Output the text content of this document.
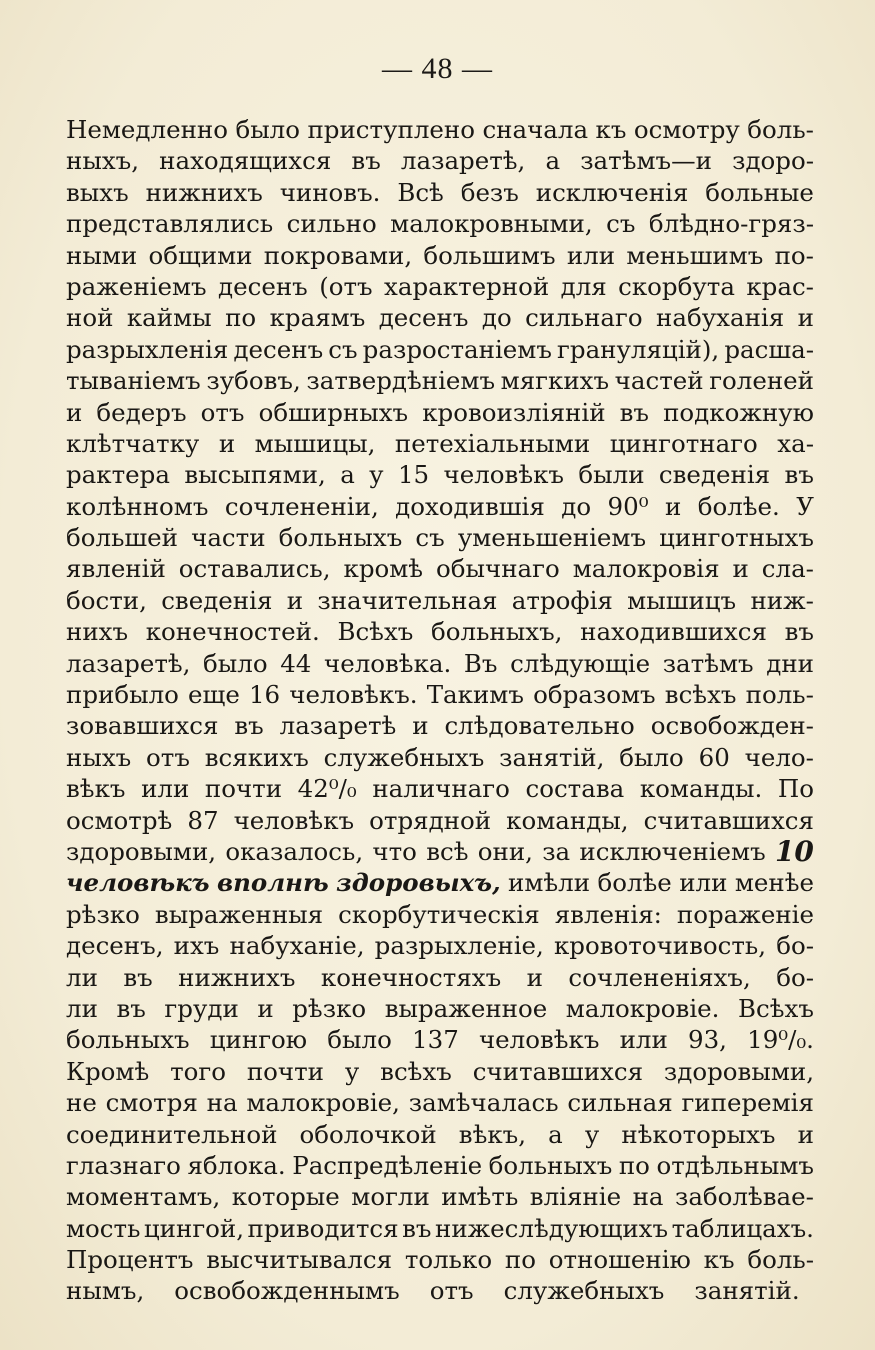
— 48 —
Немедленно было приступлено сначала къ осмотру боль-
ныхъ, находящихся въ лазаретѣ, а затѣмъ—и здоро-
выхъ нижнихъ чиновъ. Всѣ безъ исключенія больные
представлялись сильно малокровными, съ блѣдно-гряз-
ными общими покровами, большимъ или меньшимъ по-
раженіемъ десенъ (отъ характерной для скорбута крас-
ной каймы по краямъ десенъ до сильнаго набуханія и
разрыхленія десенъ съ разростаніемъ грануляцій), расша-
тываніемъ зубовъ, затвердѣніемъ мягкихъ частей голеней
и бедеръ отъ обширныхъ кровоизліяній въ подкожную
клѣтчатку и мышицы, петехіальными цинготнаго ха-
рактера высыпями, а у 15 человѣкъ были сведенія въ
колѣнномъ сочлененіи, доходившія до 90⁰ и болѣе. У
большей части больныхъ съ уменьшеніемъ цинготныхъ
явленій оставались, кромѣ обычнаго малокровія и сла-
бости, сведенія и значительная атрофія мышицъ ниж-
нихъ конечностей. Всѣхъ больныхъ, находившихся въ
лазаретѣ, было 44 человѣка. Въ слѣдующіе затѣмъ дни
прибыло еще 16 человѣкъ. Такимъ образомъ всѣхъ поль-
зовавшихся въ лазаретѣ и слѣдовательно освобожден-
ныхъ отъ всякихъ служебныхъ занятій, было 60 чело-
вѣкъ или почти 42⁰/₀ наличнаго состава команды. По
осмотрѣ 87 человѣкъ отрядной команды, считавшихся
здоровыми, оказалось, что всѣ они, за исключеніемъ 10
человѣкъ вполнѣ здоровыхъ, имѣли болѣе или менѣе
рѣзко выраженныя скорбутическія явленія: пораженіе
десенъ, ихъ набуханіе, разрыхленіе, кровоточивость, бо-
ли въ нижнихъ конечностяхъ и сочлененіяхъ, бо-
ли въ груди и рѣзко выраженное малокровіе. Всѣхъ
больныхъ цингою было 137 человѣкъ или 93, 19⁰/₀.
Кромѣ того почти у всѣхъ считавшихся здоровыми,
не смотря на малокровіе, замѣчалась сильная гиперемія
соединительной оболочкой вѣкъ, а у нѣкоторыхъ и
глазнаго яблока. Распредѣленіе больныхъ по отдѣльнымъ
моментамъ, которые могли имѣть вліяніе на заболѣвае-
мость цингой, приводится въ нижеслѣдующихъ таблицахъ.
Процентъ высчитывался только по отношенію къ боль-
нымъ, освобожденнымъ отъ служебныхъ занятій.
